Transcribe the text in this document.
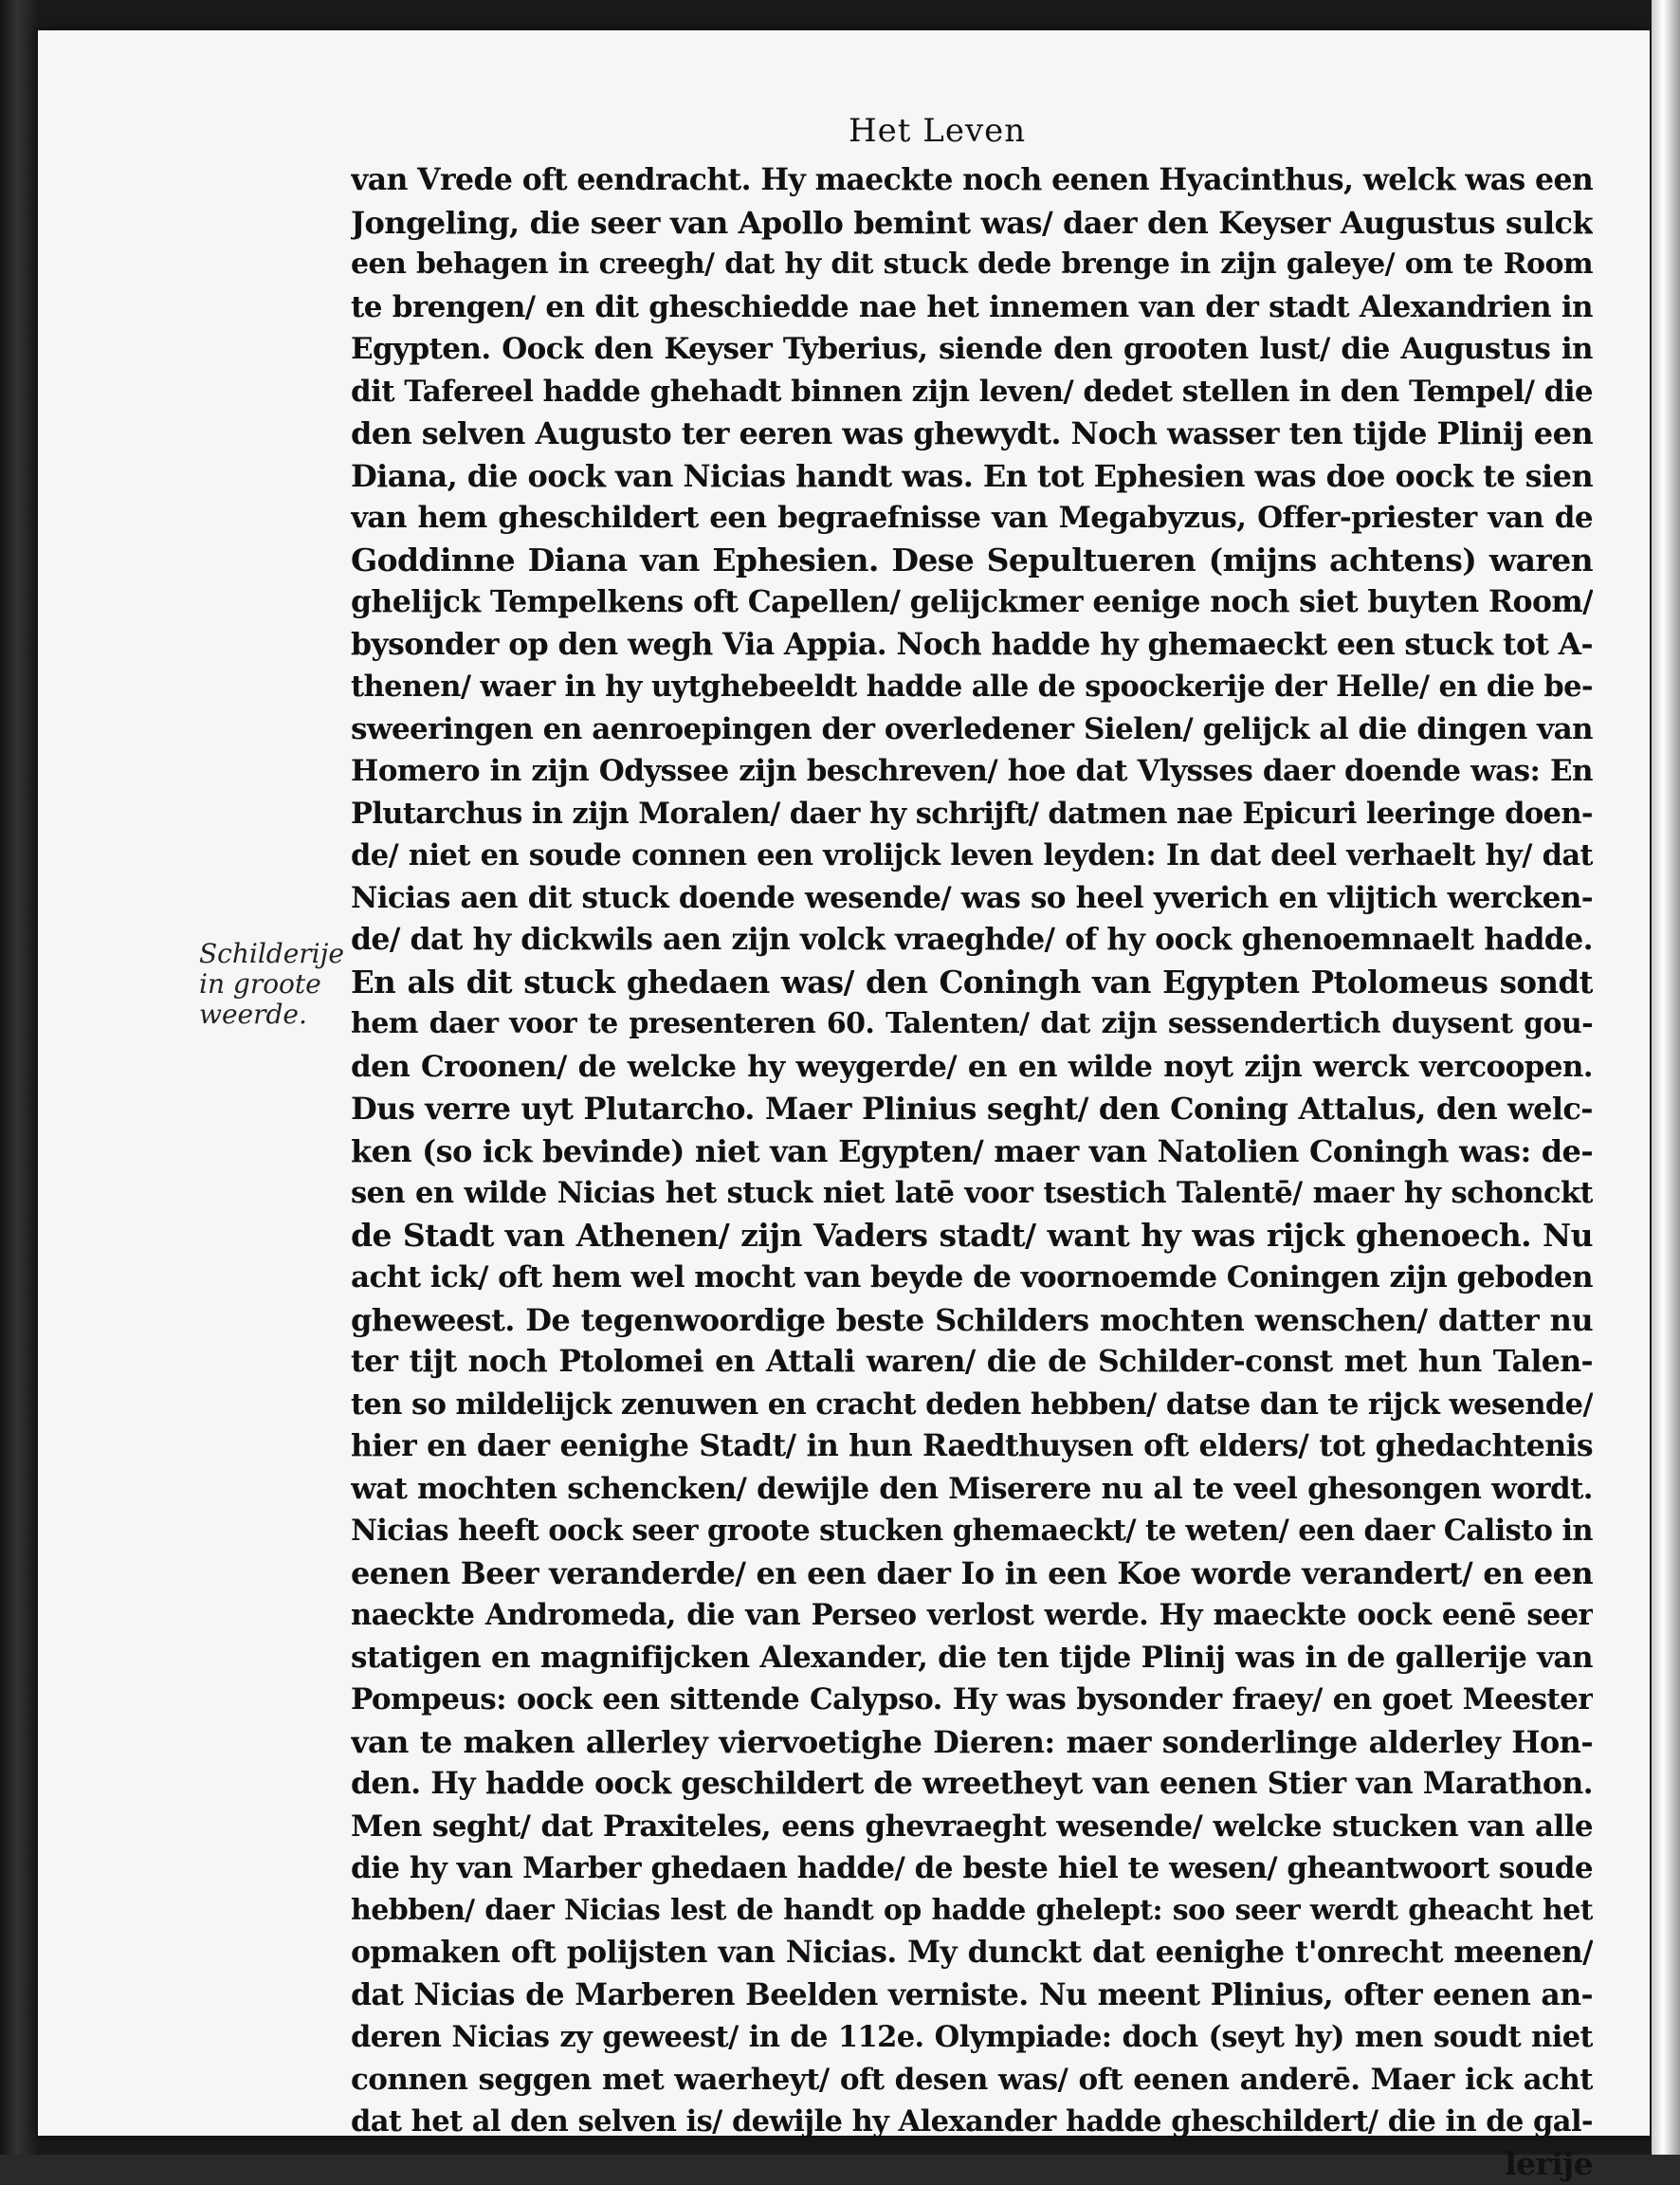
Het Leven
Schilderije
in groote
weerde.
van Vrede oft eendracht. Hy maeckte noch eenen Hyacinthus, welck was een
Jongeling, die seer van Apollo bemint was/ daer den Keyser Augustus sulck
een behagen in creegh/ dat hy dit stuck dede brenge in zijn galeye/ om te Room
te brengen/ en dit gheschiedde nae het innemen van der stadt Alexandrien in
Egypten. Oock den Keyser Tyberius, siende den grooten lust/ die Augustus in
dit Tafereel hadde ghehadt binnen zijn leven/ dedet stellen in den Tempel/ die
den selven Augusto ter eeren was ghewydt. Noch wasser ten tijde Plinij een
Diana, die oock van Nicias handt was. En tot Ephesien was doe oock te sien
van hem gheschildert een begraefnisse van Megabyzus, Offer-priester van de
Goddinne Diana van Ephesien. Dese Sepultueren (mijns achtens) waren
ghelijck Tempelkens oft Capellen/ gelijckmer eenige noch siet buyten Room/
bysonder op den wegh Via Appia. Noch hadde hy ghemaeckt een stuck tot A-
thenen/ waer in hy uytghebeeldt hadde alle de spoockerije der Helle/ en die be-
sweeringen en aenroepingen der overledener Sielen/ gelijck al die dingen van
Homero in zijn Odyssee zijn beschreven/ hoe dat Vlysses daer doende was: En
Plutarchus in zijn Moralen/ daer hy schrijft/ datmen nae Epicuri leeringe doen-
de/ niet en soude connen een vrolijck leven leyden: In dat deel verhaelt hy/ dat
Nicias aen dit stuck doende wesende/ was so heel yverich en vlijtich wercken-
de/ dat hy dickwils aen zijn volck vraeghde/ of hy oock ghenoemnaelt hadde.
En als dit stuck ghedaen was/ den Coningh van Egypten Ptolomeus sondt
hem daer voor te presenteren 60. Talenten/ dat zijn sessendertich duysent gou-
den Croonen/ de welcke hy weygerde/ en en wilde noyt zijn werck vercoopen.
Dus verre uyt Plutarcho. Maer Plinius seght/ den Coning Attalus, den welc-
ken (so ick bevinde) niet van Egypten/ maer van Natolien Coningh was: de-
sen en wilde Nicias het stuck niet latē voor tsestich Talentē/ maer hy schonckt
de Stadt van Athenen/ zijn Vaders stadt/ want hy was rijck ghenoech. Nu
acht ick/ oft hem wel mocht van beyde de voornoemde Coningen zijn geboden
gheweest. De tegenwoordige beste Schilders mochten wenschen/ datter nu
ter tijt noch Ptolomei en Attali waren/ die de Schilder-const met hun Talen-
ten so mildelijck zenuwen en cracht deden hebben/ datse dan te rijck wesende/
hier en daer eenighe Stadt/ in hun Raedthuysen oft elders/ tot ghedachtenis
wat mochten schencken/ dewijle den Miserere nu al te veel ghesongen wordt.
Nicias heeft oock seer groote stucken ghemaeckt/ te weten/ een daer Calisto in
eenen Beer veranderde/ en een daer Io in een Koe worde verandert/ en een
naeckte Andromeda, die van Perseo verlost werde. Hy maeckte oock eenē seer
statigen en magnifijcken Alexander, die ten tijde Plinij was in de gallerije van
Pompeus: oock een sittende Calypso. Hy was bysonder fraey/ en goet Meester
van te maken allerley viervoetighe Dieren: maer sonderlinge alderley Hon-
den. Hy hadde oock geschildert de wreetheyt van eenen Stier van Marathon.
Men seght/ dat Praxiteles, eens ghevraeght wesende/ welcke stucken van alle
die hy van Marber ghedaen hadde/ de beste hiel te wesen/ gheantwoort soude
hebben/ daer Nicias lest de handt op hadde ghelept: soo seer werdt gheacht het
opmaken oft polijsten van Nicias. My dunckt dat eenighe t'onrecht meenen/
dat Nicias de Marberen Beelden verniste. Nu meent Plinius, ofter eenen an-
deren Nicias zy geweest/ in de 112e. Olympiade: doch (seyt hy) men soudt niet
connen seggen met waerheyt/ oft desen was/ oft eenen anderē. Maer ick acht
dat het al den selven is/ dewijle hy Alexander hadde gheschildert/ die in de gal-
lerije
